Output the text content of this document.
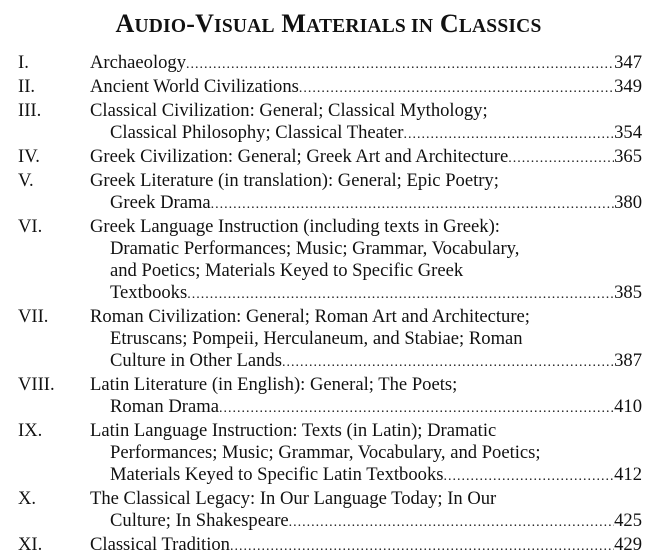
AUDIO-VISUAL MATERIALS IN CLASSICS
I.	Archaeology .....	347
II.	Ancient World Civilizations .....	349
III.	Classical Civilization: General; Classical Mythology;
Classical Philosophy; Classical Theater .....	354
IV.	Greek Civilization: General; Greek Art and Architecture .....	365
V.	Greek Literature (in translation): General; Epic Poetry;
Greek Drama .....	380
VI.	Greek Language Instruction (including texts in Greek):
Dramatic Performances; Music; Grammar, Vocabulary,
and Poetics; Materials Keyed to Specific Greek
Textbooks .....	385
VII.	Roman Civilization: General; Roman Art and Architecture;
Etruscans; Pompeii, Herculaneum, and Stabiae; Roman
Culture in Other Lands .....	387
VIII.	Latin Literature (in English): General; The Poets;
Roman Drama .....	410
IX.	Latin Language Instruction: Texts (in Latin); Dramatic
Performances; Music; Grammar, Vocabulary, and Poetics;
Materials Keyed to Specific Latin Textbooks .....	412
X.	The Classical Legacy: In Our Language Today; In Our
Culture; In Shakespeare .....	425
XI.	Classical Tradition .....	429
